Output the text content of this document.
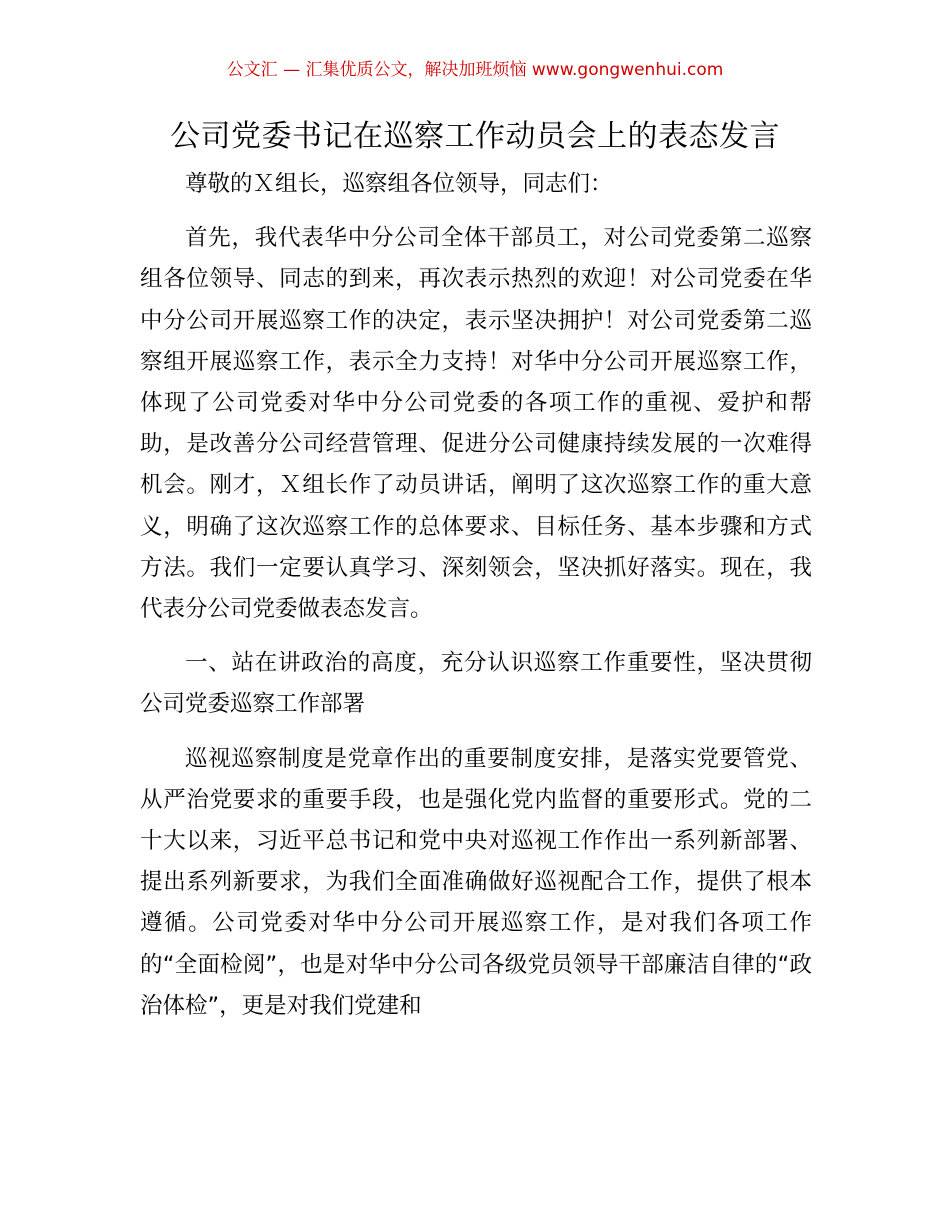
公文汇 — 汇集优质公文，解决加班烦恼 www.gongwenhui.com
公司党委书记在巡察工作动员会上的表态发言

尊敬的Ｘ组长，巡察组各位领导，同志们：

首先，我代表华中分公司全体干部员工，对公司党委第二巡察组各位领导、同志的到来，再次表示热烈的欢迎！对公司党委在华中分公司开展巡察工作的决定，表示坚决拥护！对公司党委第二巡察组开展巡察工作，表示全力支持！对华中分公司开展巡察工作，体现了公司党委对华中分公司党委的各项工作的重视、爱护和帮助，是改善分公司经营管理、促进分公司健康持续发展的一次难得机会。刚才，Ｘ组长作了动员讲话，阐明了这次巡察工作的重大意义，明确了这次巡察工作的总体要求、目标任务、基本步骤和方式方法。我们一定要认真学习、深刻领会，坚决抓好落实。现在，我代表分公司党委做表态发言。

一、站在讲政治的高度，充分认识巡察工作重要性，坚决贯彻公司党委巡察工作部署

巡视巡察制度是党章作出的重要制度安排，是落实党要管党、从严治党要求的重要手段，也是强化党内监督的重要形式。党的二十大以来，习近平总书记和党中央对巡视工作作出一系列新部署、提出系列新要求，为我们全面准确做好巡视配合工作，提供了根本遵循。公司党委对华中分公司开展巡察工作，是对我们各项工作的“全面检阅”，也是对华中分公司各级党员领导干部廉洁自律的“政治体检”，更是对我们党建和
